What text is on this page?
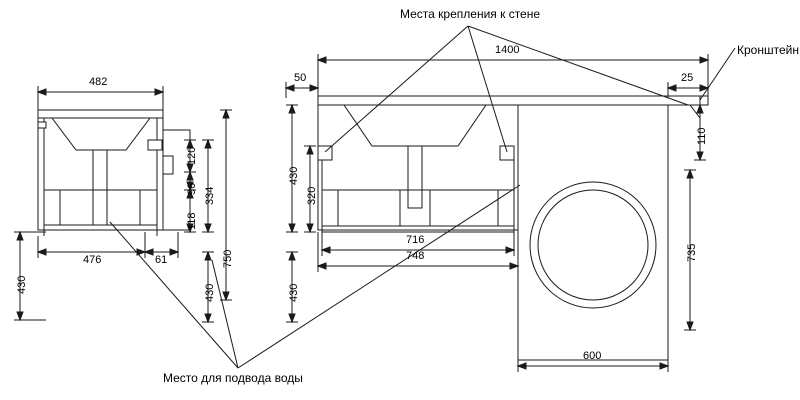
Места крепления к стене
Кронштейн
Место для подвода воды
482
476	61
430
120
96
118
334
430
750
1400
50	25
716
748
600
430
320
430
110
735
